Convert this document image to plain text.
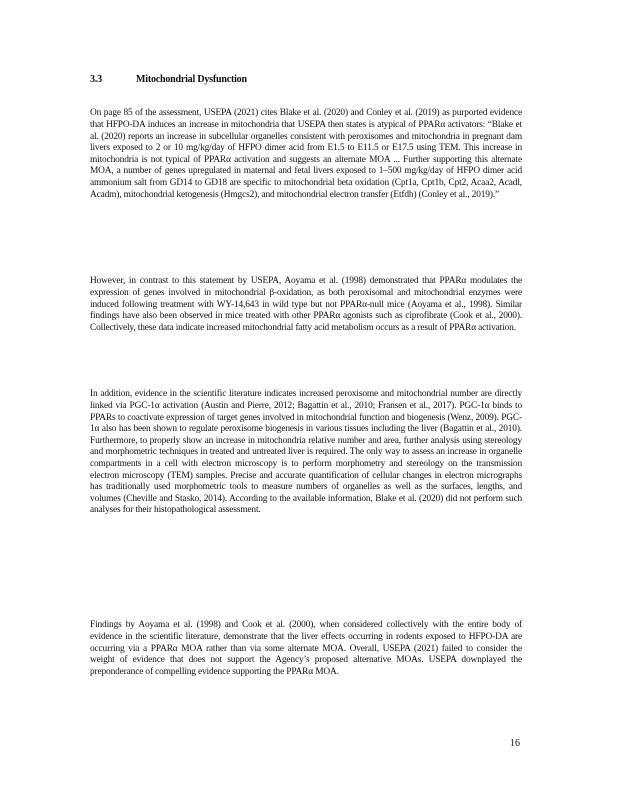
3.3	Mitochondrial Dysfunction

On page 85 of the assessment, USEPA (2021) cites Blake et al. (2020) and Conley et al. (2019) as purported evidence that HFPO-DA induces an increase in mitochondria that USEPA then states is atypical of PPARα activators: “Blake et al. (2020) reports an increase in subcellular organelles consistent with peroxisomes and mitochondria in pregnant dam livers exposed to 2 or 10 mg/kg/day of HFPO dimer acid from E1.5 to E11.5 or E17.5 using TEM. This increase in mitochondria is not typical of PPARα activation and suggests an alternate MOA ... Further supporting this alternate MOA, a number of genes upregulated in maternal and fetal livers exposed to 1–500 mg/kg/day of HFPO dimer acid ammonium salt from GD14 to GD18 are specific to mitochondrial beta oxidation (Cpt1a, Cpt1b, Cpt2, Acaa2, Acadl, Acadm), mitochondrial ketogenesis (Hmgcs2), and mitochondrial electron transfer (Etfdh) (Conley et al., 2019).”

However, in contrast to this statement by USEPA, Aoyama et al. (1998) demonstrated that PPARα modulates the expression of genes involved in mitochondrial β-oxidation, as both peroxisomal and mitochondrial enzymes were induced following treatment with WY-14,643 in wild type but not PPARα-null mice (Aoyama et al., 1998). Similar findings have also been observed in mice treated with other PPARα agonists such as ciprofibrate (Cook et al., 2000). Collectively, these data indicate increased mitochondrial fatty acid metabolism occurs as a result of PPARα activation.

In addition, evidence in the scientific literature indicates increased peroxisome and mitochondrial number are directly linked via PGC-1α activation (Austin and Pierre, 2012; Bagattin et al., 2010; Fransen et al., 2017). PGC-1α binds to PPARs to coactivate expression of target genes involved in mitochondrial function and biogenesis (Wenz, 2009). PGC-1α also has been shown to regulate peroxisome biogenesis in various tissues including the liver (Bagattin et al., 2010). Furthermore, to properly show an increase in mitochondria relative number and area, further analysis using stereology and morphometric techniques in treated and untreated liver is required. The only way to assess an increase in organelle compartments in a cell with electron microscopy is to perform morphometry and stereology on the transmission electron microscopy (TEM) samples. Precise and accurate quantification of cellular changes in electron micrographs has traditionally used morphometric tools to measure numbers of organelles as well as the surfaces, lengths, and volumes (Cheville and Stasko, 2014). According to the available information, Blake et al. (2020) did not perform such analyses for their histopathological assessment.

Findings by Aoyama et al. (1998) and Cook et al. (2000), when considered collectively with the entire body of evidence in the scientific literature, demonstrate that the liver effects occurring in rodents exposed to HFPO-DA are occurring via a PPARα MOA rather than via some alternate MOA. Overall, USEPA (2021) failed to consider the weight of evidence that does not support the Agency’s proposed alternative MOAs. USEPA downplayed the preponderance of compelling evidence supporting the PPARα MOA.

16
